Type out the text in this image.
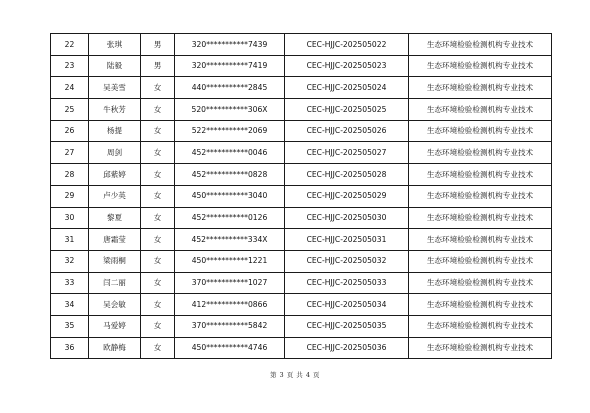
22	张琪	男	320***********7439	CEC-HJJC-202505022	生态环境检验检测机构专业技术
23	陆毅	男	320***********7419	CEC-HJJC-202505023	生态环境检验检测机构专业技术
24	吴美雪	女	440***********2845	CEC-HJJC-202505024	生态环境检验检测机构专业技术
25	牛秋芳	女	520***********306X	CEC-HJJC-202505025	生态环境检验检测机构专业技术
26	杨提	女	522***********2069	CEC-HJJC-202505026	生态环境检验检测机构专业技术
27	周剑	女	452***********0046	CEC-HJJC-202505027	生态环境检验检测机构专业技术
28	邱紫婷	女	452***********0828	CEC-HJJC-202505028	生态环境检验检测机构专业技术
29	卢少英	女	450***********3040	CEC-HJJC-202505029	生态环境检验检测机构专业技术
30	黎夏	女	452***********0126	CEC-HJJC-202505030	生态环境检验检测机构专业技术
31	唐霜莹	女	452***********334X	CEC-HJJC-202505031	生态环境检验检测机构专业技术
32	梁雨桐	女	450***********1221	CEC-HJJC-202505032	生态环境检验检测机构专业技术
33	闫二丽	女	370***********1027	CEC-HJJC-202505033	生态环境检验检测机构专业技术
34	吴会敏	女	412***********0866	CEC-HJJC-202505034	生态环境检验检测机构专业技术
35	马爱婷	女	370***********5842	CEC-HJJC-202505035	生态环境检验检测机构专业技术
36	欧静梅	女	450***********4746	CEC-HJJC-202505036	生态环境检验检测机构专业技术
第 3 页 共 4 页
